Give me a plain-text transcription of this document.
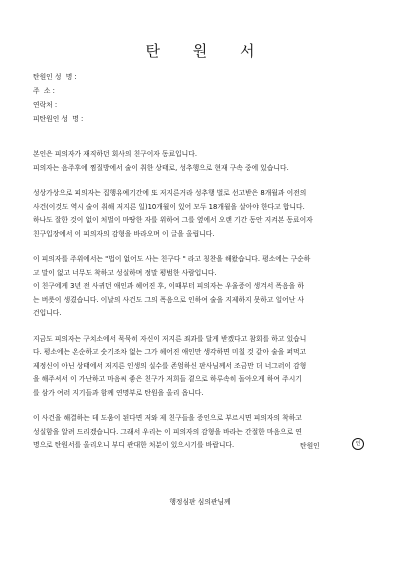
탄 원 서
탄원인 성  명 :
주  소 :
연락처 :
피탄원인 성  명 :
본인은 피의자가 재직하던 회사의 친구이자 동료입니다.
피의자는 음주후에 찜질방에서 술이 취한 상태로, 성추행으로 현재 구속 중에 있습니다.
성상가상으로 피의자는 집행유예기간에 또 저지른거라 성추행 벌로 선고받은 8개월과 이전의
사건(이것도 역시 술이 취해 저지른 일)10개월이 있어 모두 18개월을 살아야 한다고 합니다.
하나도 잘한 것이 없이 처벌이 마땅한 자를 위하여 그를 옆에서 오랜 기간 동안 지켜본 동료이자
친구입장에서 이 피의자의 감형을 바라오며 이 글을 올립니다.
이 피의자를 주위에서는 "법이 없어도 사는 친구다 " 라고 칭찬을 해왔습니다. 평소에는 구순하
고 말이 없고 너무도 착하고 성실하며 정말 평범한 사람입니다.
이 친구에게 3년 전 사귀던 애인과 헤어진 후, 이때부터 피의자는 우울증이 생겨서 폭음을 하
는 버릇이 생겼습니다. 이날의 사건도 그의 폭음으로 인하여 술을 지제하지 못하고 일어난 사
건입니다.
지금도 피의자는 구치소에서 묵묵히 자신이 저지른 죄과를 달게 받겠다고 참회를 하고 있습니
다. 평소에는 온순하고 숫기조차 없는 그가 헤어진 애인만 생각하면 미칠 것 같아 술을 퍼먹고
제정신이 아닌 상태에서 저지른 인생의 실수를 존엄하신 판사님께서 조금만 더 너그러이 감형
을 해주셔서 이 가난하고 마음씨 좋은 친구가 저희들 곁으로 하루속히 돌아오게 하여 주시기
를 삼가 여러 지기들과 함께 연명부로 탄원을 올리 옵니다.
이 사건을 해결하는 데 도움이 된다면 저와 제 친구들을 증인으로 부르시면 피의자의 착하고
성실함을 알려 드리겠습니다. 그래서 우리는 이 피의자의 감형을 바라는 간절한 마음으로 연
명으로 탄원서를 올리오니 부디 관대한 처분이 있으시기를 바랍니다.	탄원인	인
행정심판 심의관님께
